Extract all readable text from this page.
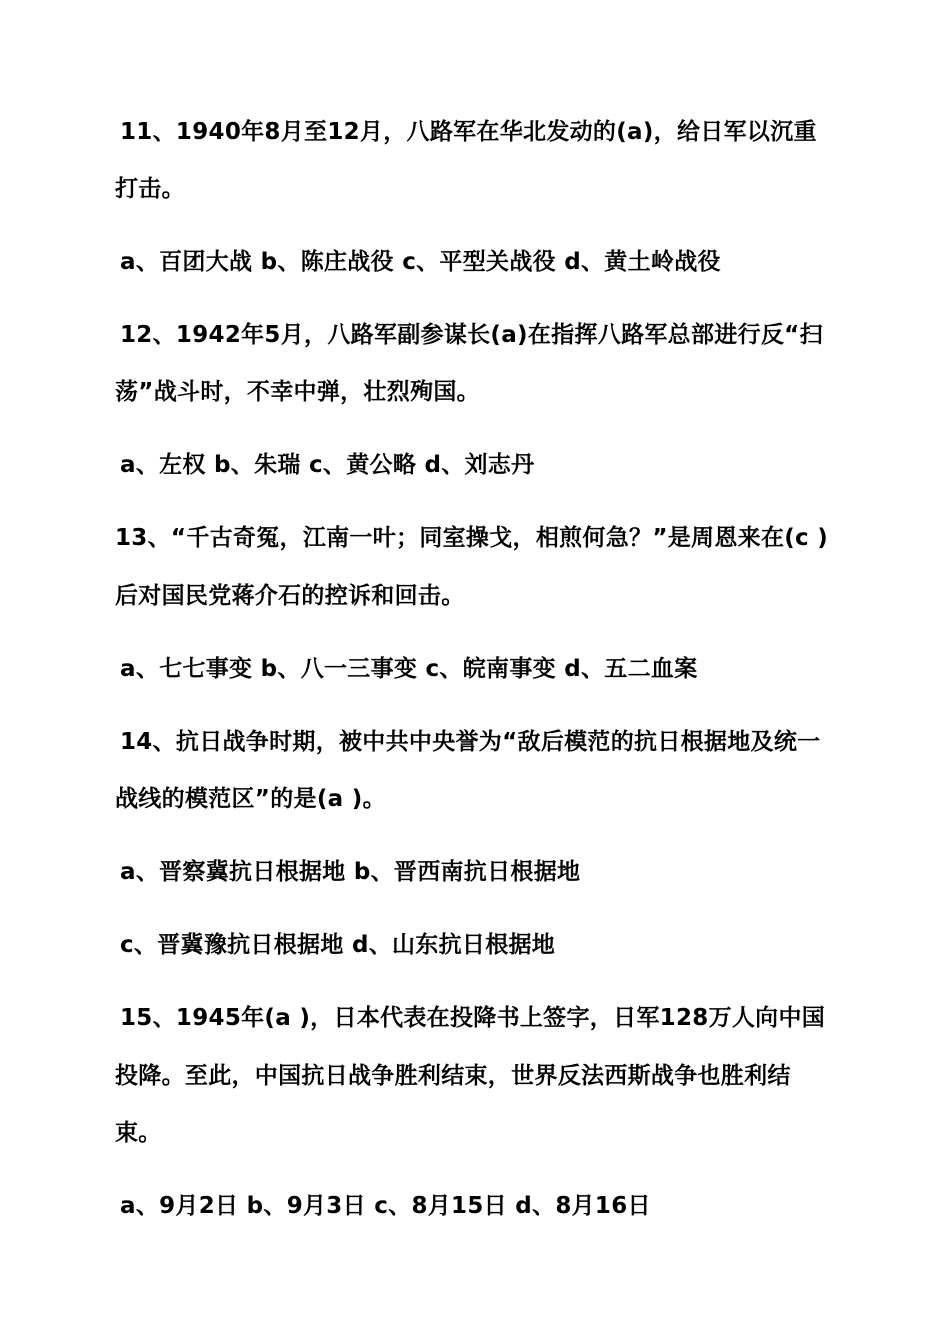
11、1940年8月至12月，八路军在华北发动的(a)，给日军以沉重
打击。
a、百团大战 b、陈庄战役 c、平型关战役 d、黄土岭战役
12、1942年5月，八路军副参谋长(a)在指挥八路军总部进行反“扫
荡”战斗时，不幸中弹，壮烈殉国。
a、左权 b、朱瑞 c、黄公略 d、刘志丹
13、“千古奇冤，江南一叶；同室操戈，相煎何急？”是周恩来在(c )
后对国民党蒋介石的控诉和回击。
a、七七事变 b、八一三事变 c、皖南事变 d、五二血案
14、抗日战争时期，被中共中央誉为“敌后模范的抗日根据地及统一
战线的模范区”的是(a )。
a、晋察冀抗日根据地 b、晋西南抗日根据地
c、晋冀豫抗日根据地 d、山东抗日根据地
15、1945年(a )，日本代表在投降书上签字，日军128万人向中国
投降。至此，中国抗日战争胜利结束，世界反法西斯战争也胜利结
束。
a、9月2日 b、9月3日 c、8月15日 d、8月16日
